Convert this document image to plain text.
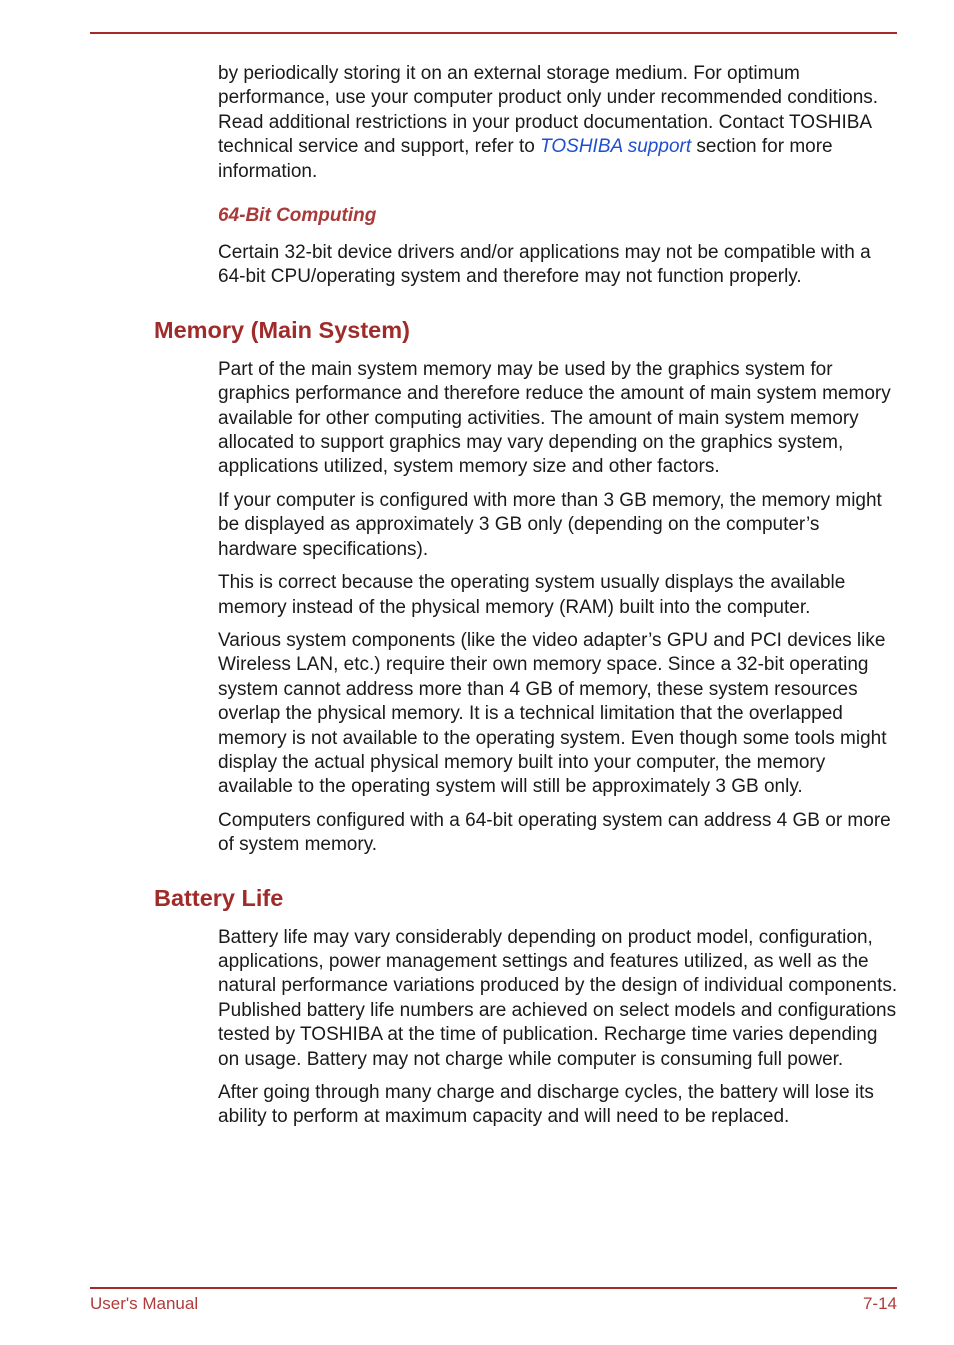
by periodically storing it on an external storage medium. For optimum performance, use your computer product only under recommended conditions. Read additional restrictions in your product documentation. Contact TOSHIBA technical service and support, refer to TOSHIBA support section for more information.

64-Bit Computing

Certain 32-bit device drivers and/or applications may not be compatible with a 64-bit CPU/operating system and therefore may not function properly.

Memory (Main System)

Part of the main system memory may be used by the graphics system for graphics performance and therefore reduce the amount of main system memory available for other computing activities. The amount of main system memory allocated to support graphics may vary depending on the graphics system, applications utilized, system memory size and other factors.

If your computer is configured with more than 3 GB memory, the memory might be displayed as approximately 3 GB only (depending on the computer’s hardware specifications).

This is correct because the operating system usually displays the available memory instead of the physical memory (RAM) built into the computer.

Various system components (like the video adapter’s GPU and PCI devices like Wireless LAN, etc.) require their own memory space. Since a 32-bit operating system cannot address more than 4 GB of memory, these system resources overlap the physical memory. It is a technical limitation that the overlapped memory is not available to the operating system. Even though some tools might display the actual physical memory built into your computer, the memory available to the operating system will still be approximately 3 GB only.

Computers configured with a 64-bit operating system can address 4 GB or more of system memory.

Battery Life

Battery life may vary considerably depending on product model, configuration, applications, power management settings and features utilized, as well as the natural performance variations produced by the design of individual components. Published battery life numbers are achieved on select models and configurations tested by TOSHIBA at the time of publication. Recharge time varies depending on usage. Battery may not charge while computer is consuming full power.

After going through many charge and discharge cycles, the battery will lose its ability to perform at maximum capacity and will need to be replaced.

User's Manual	7-14
